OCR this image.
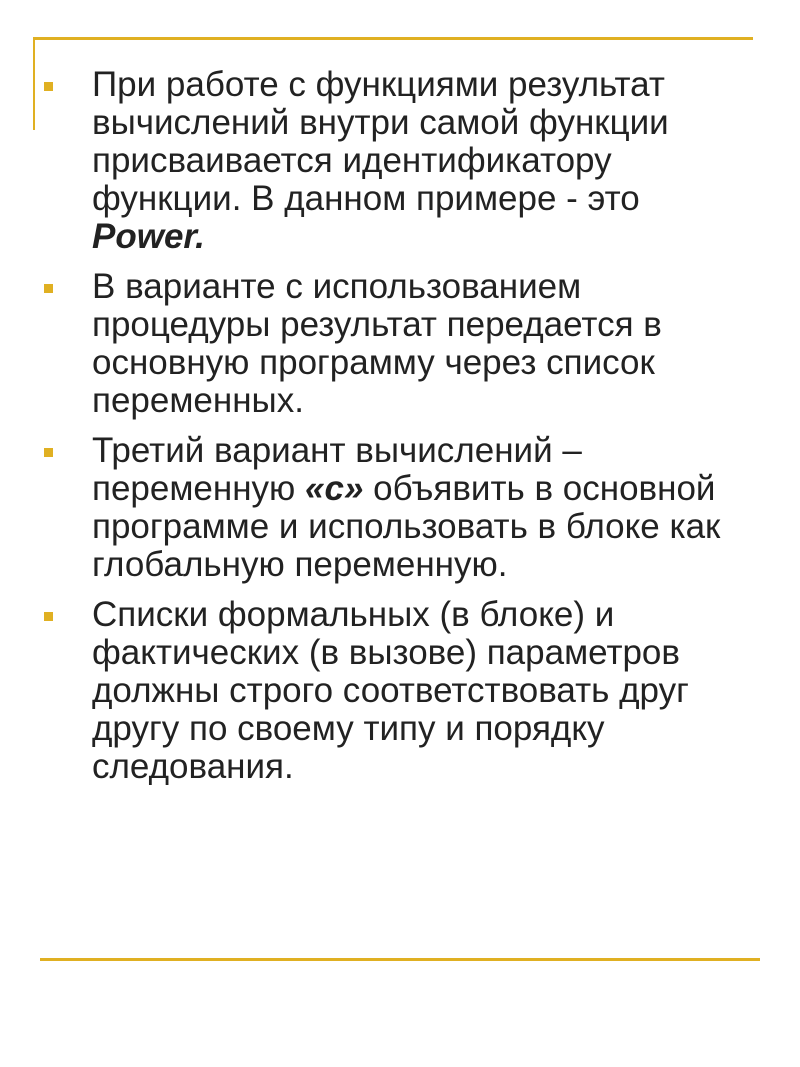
При работе с функциями результат вычислений внутри самой функции присваивается идентификатору функции. В данном примере - это Power.
В варианте с использованием процедуры результат передается в основную программу через список переменных.
Третий вариант вычислений – переменную «с» объявить в основной программе и использовать в блоке как глобальную переменную.
Списки формальных (в блоке) и фактических (в вызове) параметров должны строго соответствовать друг другу по своему типу и порядку следования.
